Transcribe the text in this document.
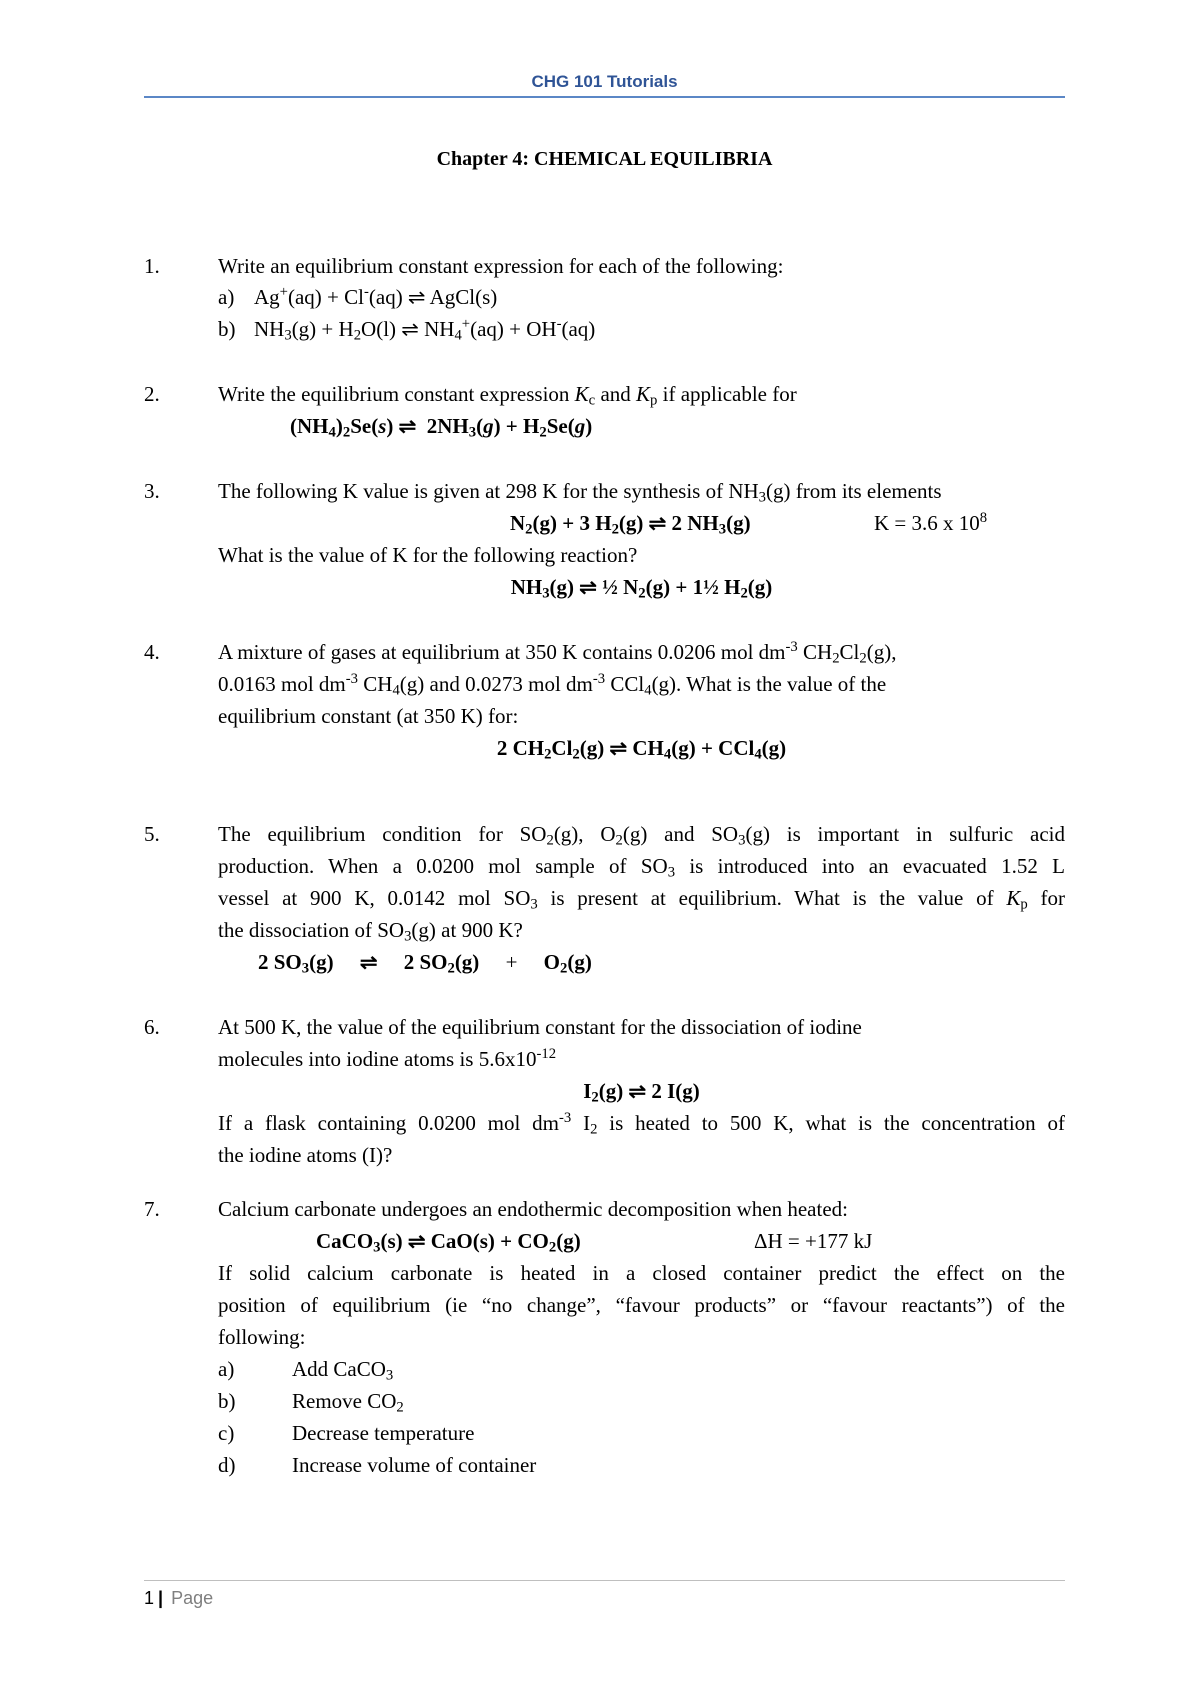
CHG 101 Tutorials
Chapter 4: CHEMICAL EQUILIBRIA
1.	Write an equilibrium constant expression for each of the following:
a) Ag+(aq) + Cl-(aq) ⇌ AgCl(s)
b) $NH_3(g) + H_2O(l)$ ⇌ $NH_4^+(aq) + OH^-(aq)$
2.	Write the equilibrium constant expression $K_c$ and $K_p$ if applicable for
$(NH_4)_2Se(s)$ ⇌  $2NH_3(g) + H_2Se(g)$
3.	The following K value is given at 298 K for the synthesis of $NH_3(g)$ from its elements
$N_2(g) + 3$ $H_2(g)$ ⇌ 2 $NH_3(g)$	K = 3.6 x $10^8$
What is the value of K for the following reaction?
$NH_3(g)$ ⇌ ½ $N_2(g)$ + 1½ $H_2(g)$
4.	A mixture of gases at equilibrium at 350 K contains 0.0206 mol $dm^{-3}$ $CH_2Cl_2(g)$,
0.0163 mol $dm^{-3}$ $CH_4(g)$ and 0.0273 mol $dm^{-3}$ CCl$_4$(g). What is the value of the
equilibrium constant (at 350 K) for:
2 $CH_2Cl_2(g)$ ⇌ $CH_4(g) + CCl_4(g)$
5.	The equilibrium condition for $SO_2(g)$, $O_2(g)$ and $SO_3(g)$ is important in sulfuric acid
production. When a 0.0200 mol sample of $SO_3$ is introduced into an evacuated 1.52 L
vessel at 900 K, 0.0142 mol $SO_3$ is present at equilibrium. What is the value of $K_p$ for
the dissociation of $SO_3(g)$ at 900 K?
2 $SO_3(g)$     ⇌     2 $SO_2(g)$     +     $O_2(g)$
6.	At 500 K, the value of the equilibrium constant for the dissociation of iodine
molecules into iodine atoms is $5.6x10^{-12}$
$I_2(g)$ ⇌ 2 I(g)
If a flask containing 0.0200 mol $dm^{-3}$ $I_2$ is heated to 500 K, what is the concentration of
the iodine atoms (I)?
7.	Calcium carbonate undergoes an endothermic decomposition when heated:
CaCO$_3$(s) ⇌ $CaO(s) + CO_2(g)$	ΔH = +177 kJ
If solid calcium carbonate is heated in a closed container predict the effect on the
position of equilibrium (ie “no change”, “favour products” or “favour reactants”) of the
following:
a)	Add CaCO$_3$
b)	Remove $CO_2$
c)	Decrease temperature
d)	Increase volume of container
1 | Page
